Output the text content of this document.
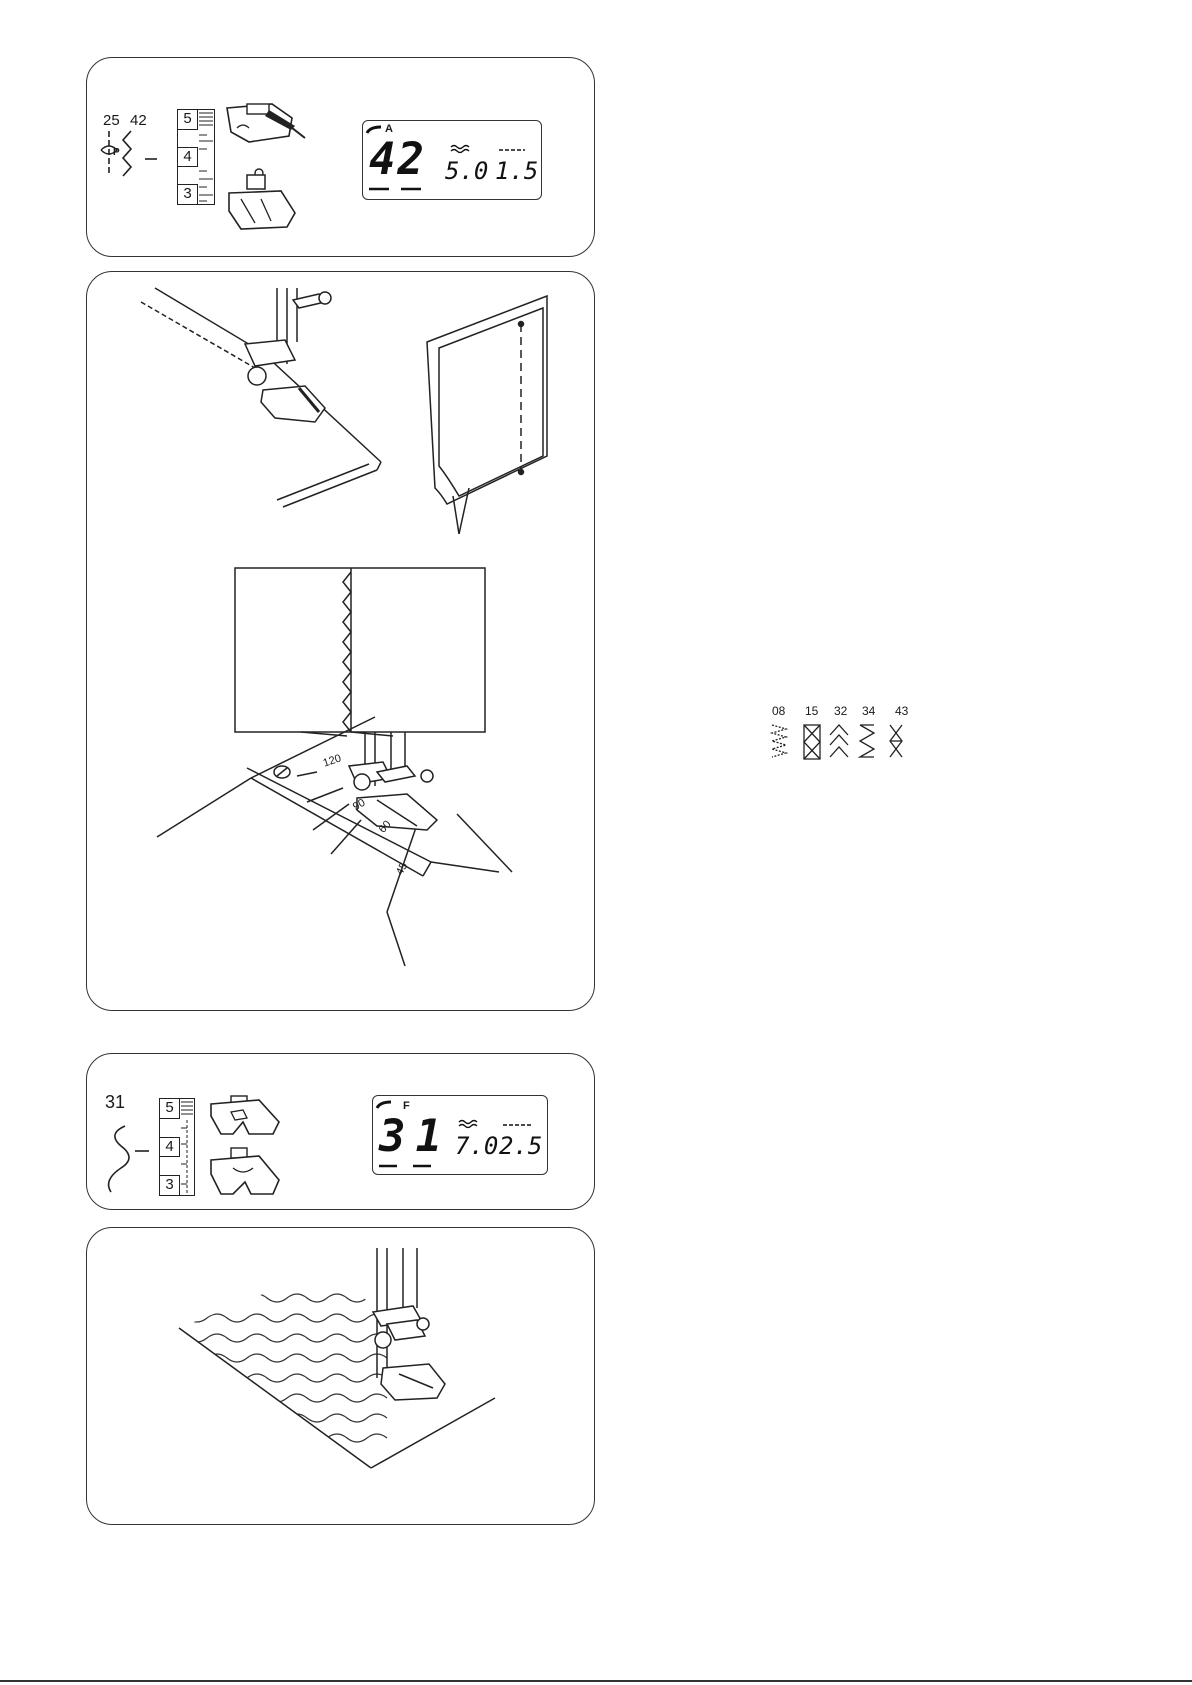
25 42
P
5
4
3
A
42 5.0 1.5
120
90
60
45
08 15 32 34 43
31	5
4
3
F
31 7.0 2.5
